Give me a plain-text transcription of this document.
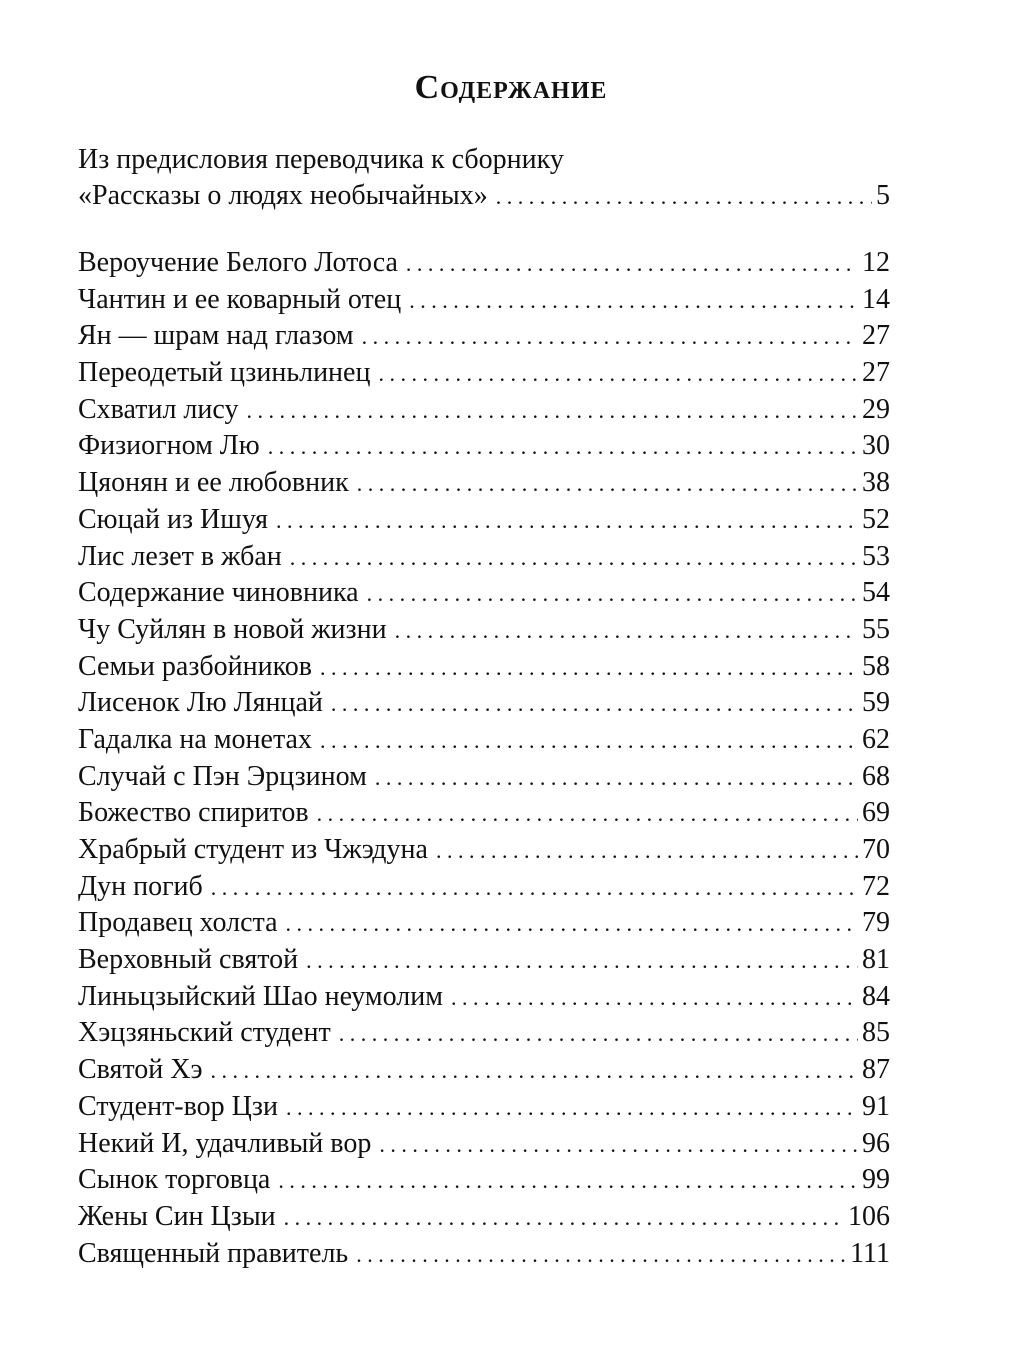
Содержание
Из предисловия переводчика к сборнику
«Рассказы о людях необычайных» . . .	5
Вероучение Белого Лотоса . . .	12
Чантин и ее коварный отец . . .	14
Ян — шрам над глазом . . .	27
Переодетый цзиньлинец . . .	27
Схватил лису . . .	29
Физиогном Лю . . .	30
Цяонян и ее любовник . . .	38
Сюцай из Ишуя . . .	52
Лис лезет в жбан . . .	53
Содержание чиновника . . .	54
Чу Суйлян в новой жизни . . .	55
Семьи разбойников . . .	58
Лисенок Лю Лянцай . . .	59
Гадалка на монетах . . .	62
Случай с Пэн Эрцзином . . .	68
Божество спиритов . . .	69
Храбрый студент из Чжэдуна . . .	70
Дун погиб . . .	72
Продавец холста . . .	79
Верховный святой . . .	81
Линьцзыйский Шао неумолим . . .	84
Хэцзяньский студент . . .	85
Святой Хэ . . .	87
Студент-вор Цзи . . .	91
Некий И, удачливый вор . . .	96
Сынок торговца . . .	99
Жены Син Цзыи . . .	106
Священный правитель . . .	111
